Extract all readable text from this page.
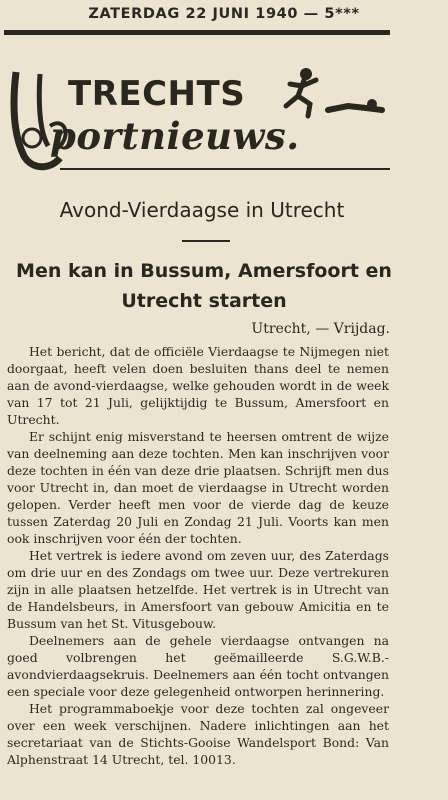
ZATERDAG 22 JUNI 1940 — 5***
TRECHTS
portnieuws.
Avond-Vierdaagse in Utrecht
Men kan in Bussum, Amersfoort en Utrecht starten
Utrecht, — Vrijdag.

Het bericht, dat de officiële Vierdaagse te Nijmegen niet doorgaat, heeft velen doen besluiten thans deel te nemen aan de avond-vierdaagse, welke gehouden wordt in de week van 17 tot 21 Juli, gelijktijdig te Bussum, Amersfoort en Utrecht.

Er schijnt enig misverstand te heersen omtrent de wijze van deelneming aan deze tochten. Men kan inschrijven voor deze tochten in één van deze drie plaatsen. Schrijft men dus voor Utrecht in, dan moet de vierdaagse in Utrecht worden gelopen. Verder heeft men voor de vierde dag de keuze tussen Zaterdag 20 Juli en Zondag 21 Juli. Voorts kan men ook inschrijven voor één der tochten.

Het vertrek is iedere avond om zeven uur, des Zaterdags om drie uur en des Zondags om twee uur. Deze vertrekuren zijn in alle plaatsen hetzelfde. Het vertrek is in Utrecht van de Handelsbeurs, in Amersfoort van gebouw Amicitia en te Bussum van het St. Vitusgebouw.

Deelnemers aan de gehele vierdaagse ontvangen na goed volbrengen het geëmailleerde S.G.W.B.-avondvierdaagsekruis. Deelnemers aan één tocht ontvangen een speciale voor deze gelegenheid ontworpen herinnering.

Het programmaboekje voor deze tochten zal ongeveer over een week verschijnen. Nadere inlichtingen aan het secretariaat van de Stichts-Gooise Wandelsport Bond: Van Alphenstraat 14 Utrecht, tel. 10013.
